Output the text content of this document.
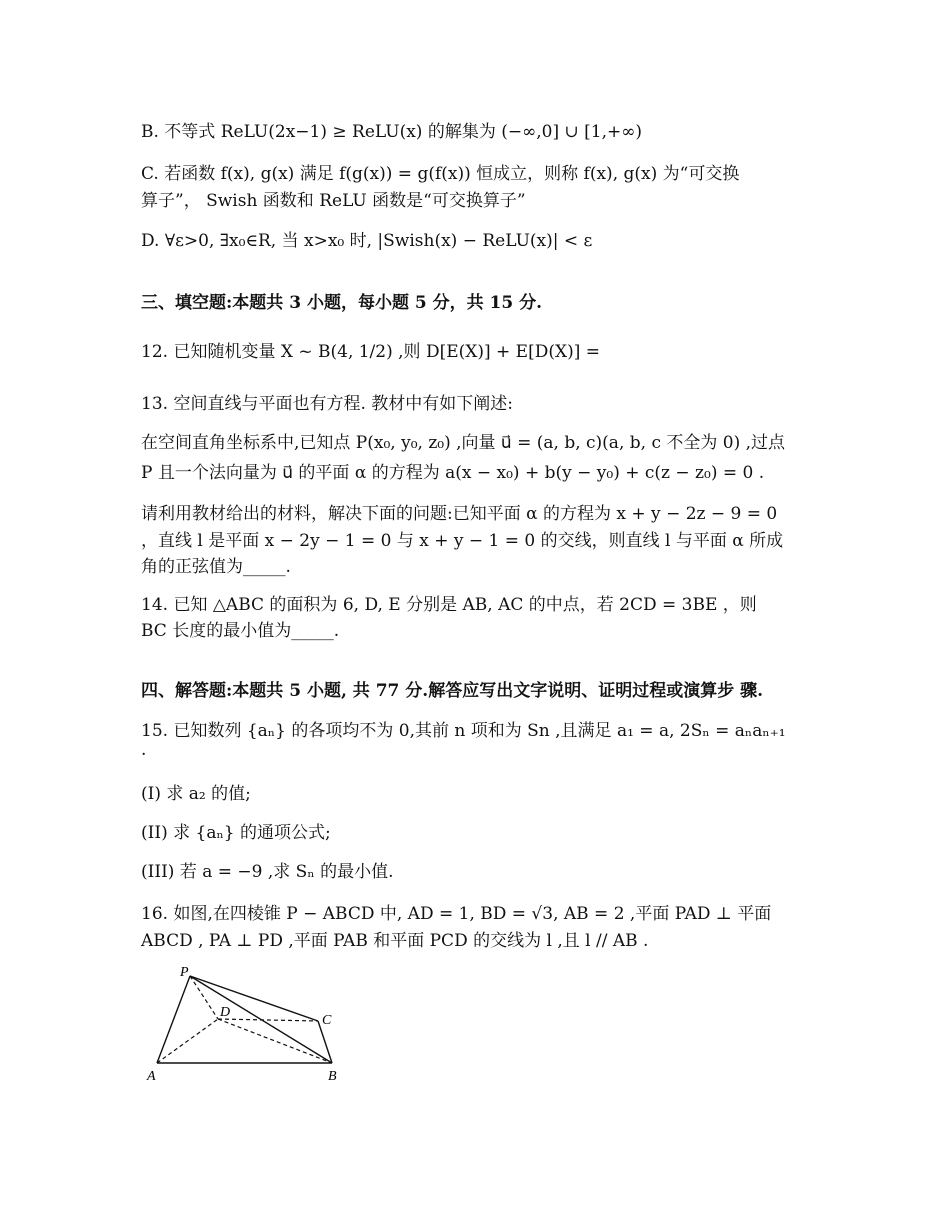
B. 不等式 ReLU(2x−1) ≥ ReLU(x) 的解集为 (−∞,0] ∪ [1,+∞)
C. 若函数 f(x), g(x) 满足 f(g(x)) = g(f(x)) 恒成立，则称 f(x), g(x) 为“可交换
算子”， Swish 函数和 ReLU 函数是“可交换算子”
D. ∀ε>0, ∃x₀∈R, 当 x>x₀ 时, |Swish(x) − ReLU(x)| < ε
三、填空题:本题共 3 小题，每小题 5 分，共 15 分.
12. 已知随机变量 X ~ B(4, 1/2) ,则 D[E(X)] + E[D(X)] =
13. 空间直线与平面也有方程. 教材中有如下阐述:
在空间直角坐标系中,已知点 P(x₀, y₀, z₀) ,向量 u⃗ = (a, b, c)(a, b, c 不全为 0) ,过点
P 且一个法向量为 u⃗ 的平面 α 的方程为 a(x − x₀) + b(y − y₀) + c(z − z₀) = 0 .
请利用教材给出的材料，解决下面的问题:已知平面 α 的方程为 x + y − 2z − 9 = 0
，直线 l 是平面 x − 2y − 1 = 0 与 x + y − 1 = 0 的交线，则直线 l 与平面 α 所成
角的正弦值为_____.
14. 已知 △ABC 的面积为 6, D, E 分别是 AB, AC 的中点，若 2CD = 3BE ，则
BC 长度的最小值为_____.
四、解答题:本题共 5 小题, 共 77 分.解答应写出文字说明、证明过程或演算步 骤.
15. 已知数列 {aₙ} 的各项均不为 0,其前 n 项和为 Sn ,且满足 a₁ = a, 2Sₙ = aₙaₙ₊₁
.
(I) 求 a₂ 的值;
(II) 求 {aₙ} 的通项公式;
(III) 若 a = −9 ,求 Sₙ 的最小值.
16. 如图,在四棱锥 P − ABCD 中, AD = 1, BD = √3, AB = 2 ,平面 PAD ⊥ 平面
ABCD , PA ⊥ PD ,平面 PAB 和平面 PCD 的交线为 l ,且 l // AB .
P
A	B
C
D
